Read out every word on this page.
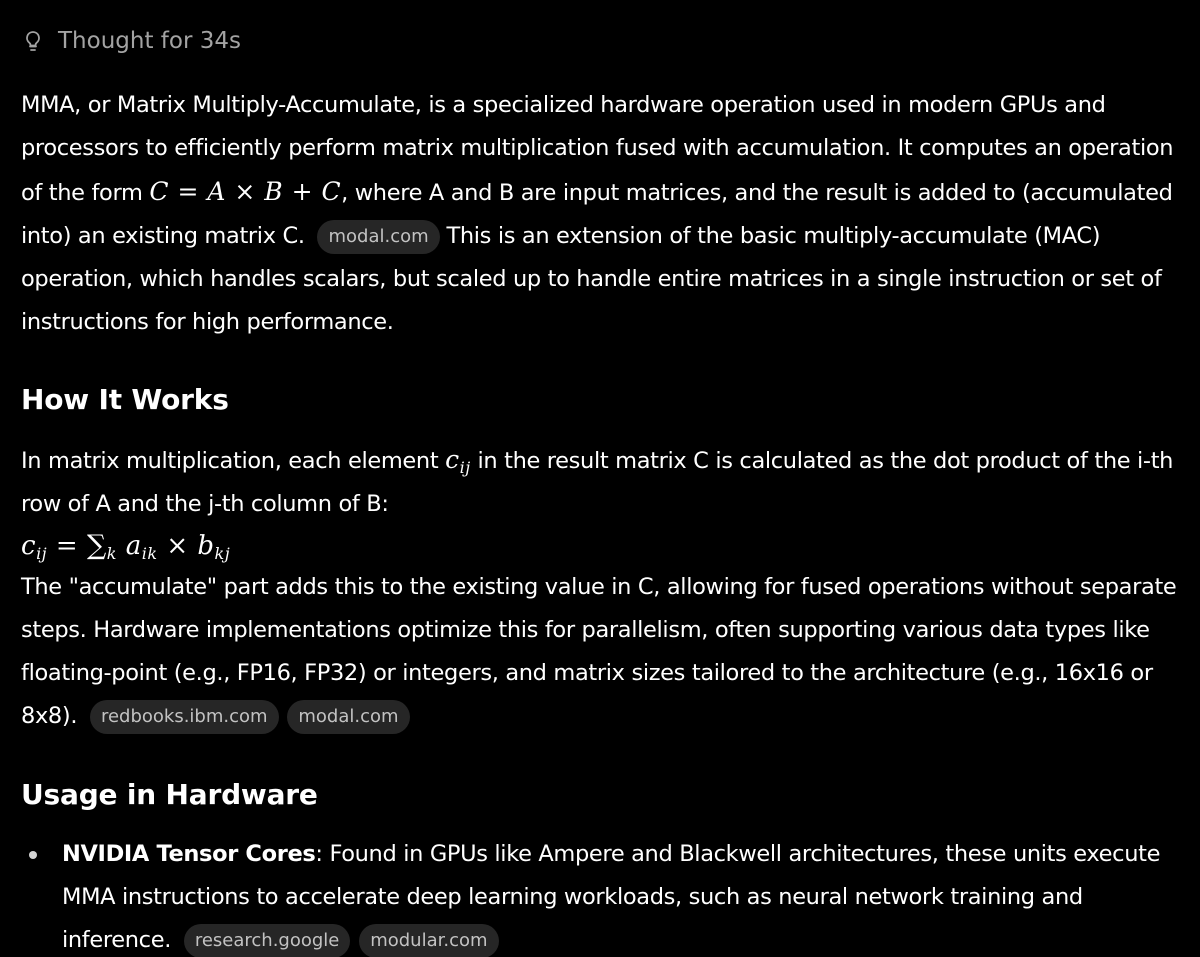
Thought for 34s

MMA, or Matrix Multiply-Accumulate, is a specialized hardware operation used in modern GPUs and processors to efficiently perform matrix multiplication fused with accumulation. It computes an operation of the form C = A × B + C, where A and B are input matrices, and the result is added to (accumulated into) an existing matrix C. modal.com This is an extension of the basic multiply-accumulate (MAC) operation, which handles scalars, but scaled up to handle entire matrices in a single instruction or set of instructions for high performance.

How It Works

In matrix multiplication, each element $c_{ij}$ in the result matrix C is calculated as the dot product of the i-th row of A and the j-th column of B:

$c_{ij} = \sum_k$ $a_{ik} \times b_{kj}$

The "accumulate" part adds this to the existing value in C, allowing for fused operations without separate steps. Hardware implementations optimize this for parallelism, often supporting various data types like floating-point (e.g., FP16, FP32) or integers, and matrix sizes tailored to the architecture (e.g., 16x16 or 8x8). redbooks.ibm.com modal.com

Usage in Hardware
NVIDIA Tensor Cores: Found in GPUs like Ampere and Blackwell architectures, these units execute MMA instructions to accelerate deep learning workloads, such as neural network training and inference. research.google modular.com
